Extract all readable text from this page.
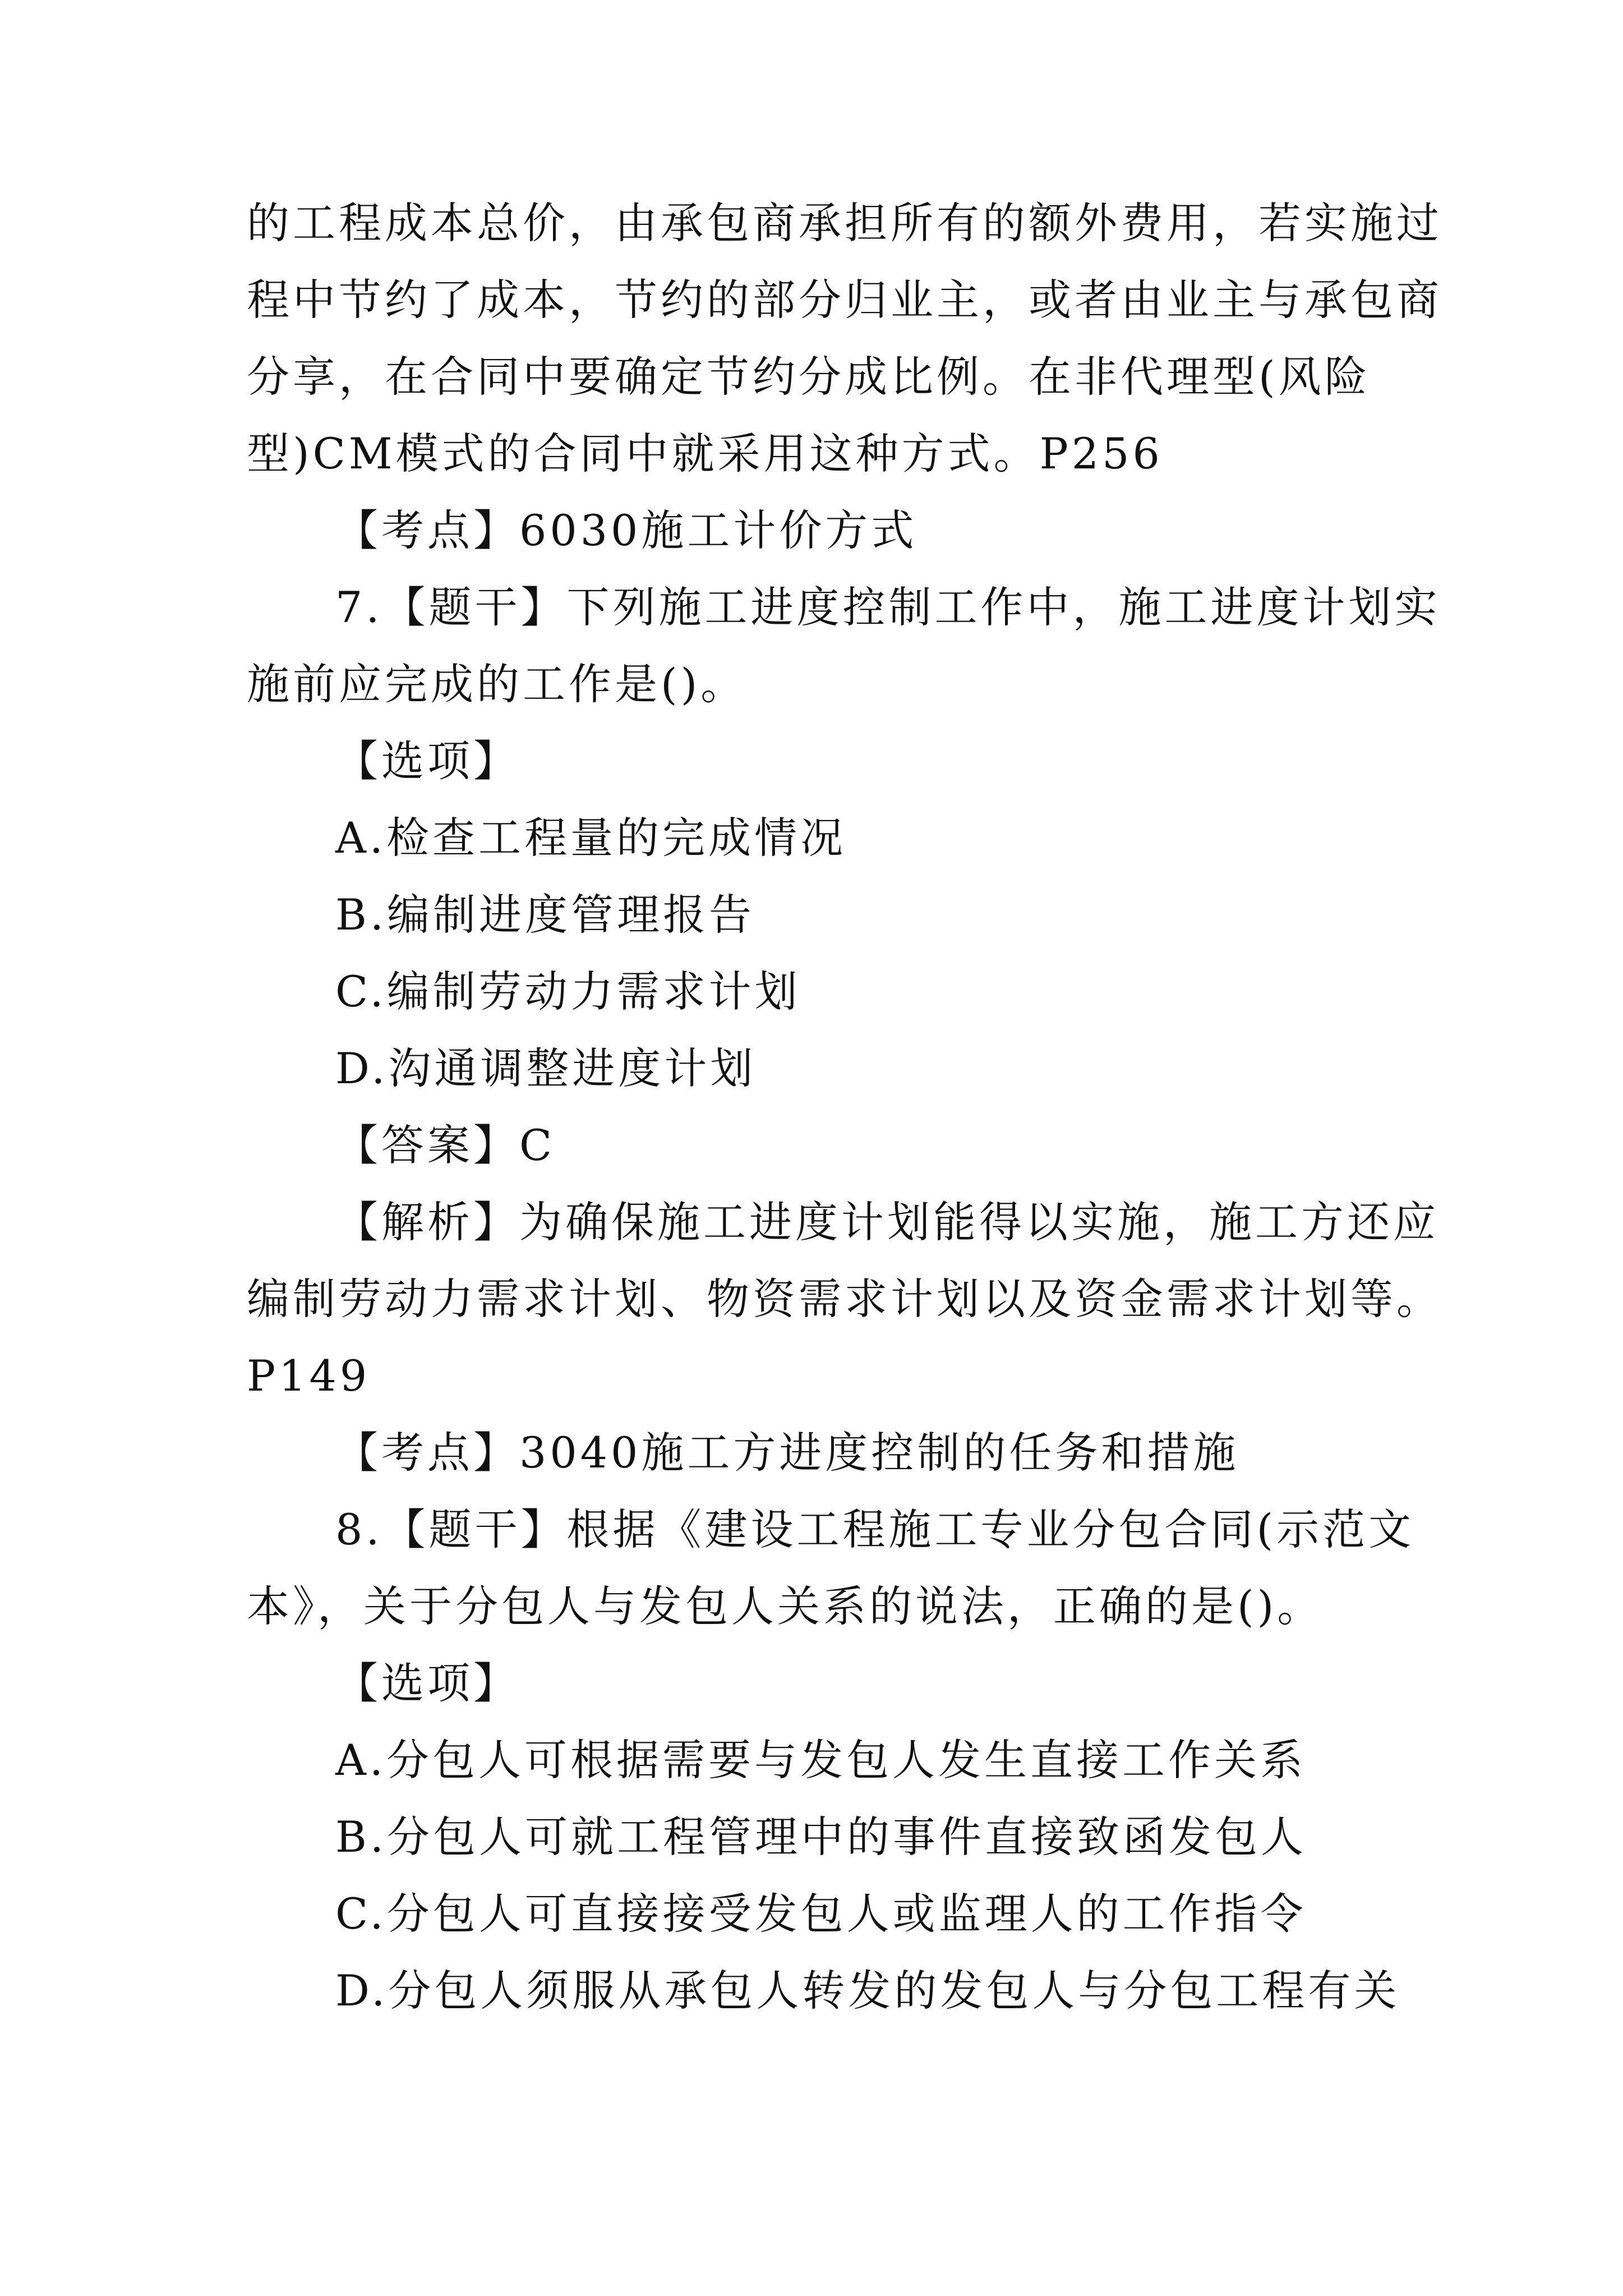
的工程成本总价，由承包商承担所有的额外费用，若实施过
程中节约了成本，节约的部分归业主，或者由业主与承包商
分享，在合同中要确定节约分成比例。在非代理型(风险
型)CM模式的合同中就采用这种方式。P256
【考点】6030施工计价方式
7.【题干】下列施工进度控制工作中，施工进度计划实
施前应完成的工作是()。
【选项】
A.检查工程量的完成情况
B.编制进度管理报告
C.编制劳动力需求计划
D.沟通调整进度计划
【答案】C
【解析】为确保施工进度计划能得以实施，施工方还应
编制劳动力需求计划、物资需求计划以及资金需求计划等。
P149
【考点】3040施工方进度控制的任务和措施
8.【题干】根据《建设工程施工专业分包合同(示范文
本》，关于分包人与发包人关系的说法，正确的是()。
【选项】
A.分包人可根据需要与发包人发生直接工作关系
B.分包人可就工程管理中的事件直接致函发包人
C.分包人可直接接受发包人或监理人的工作指令
D.分包人须服从承包人转发的发包人与分包工程有关
